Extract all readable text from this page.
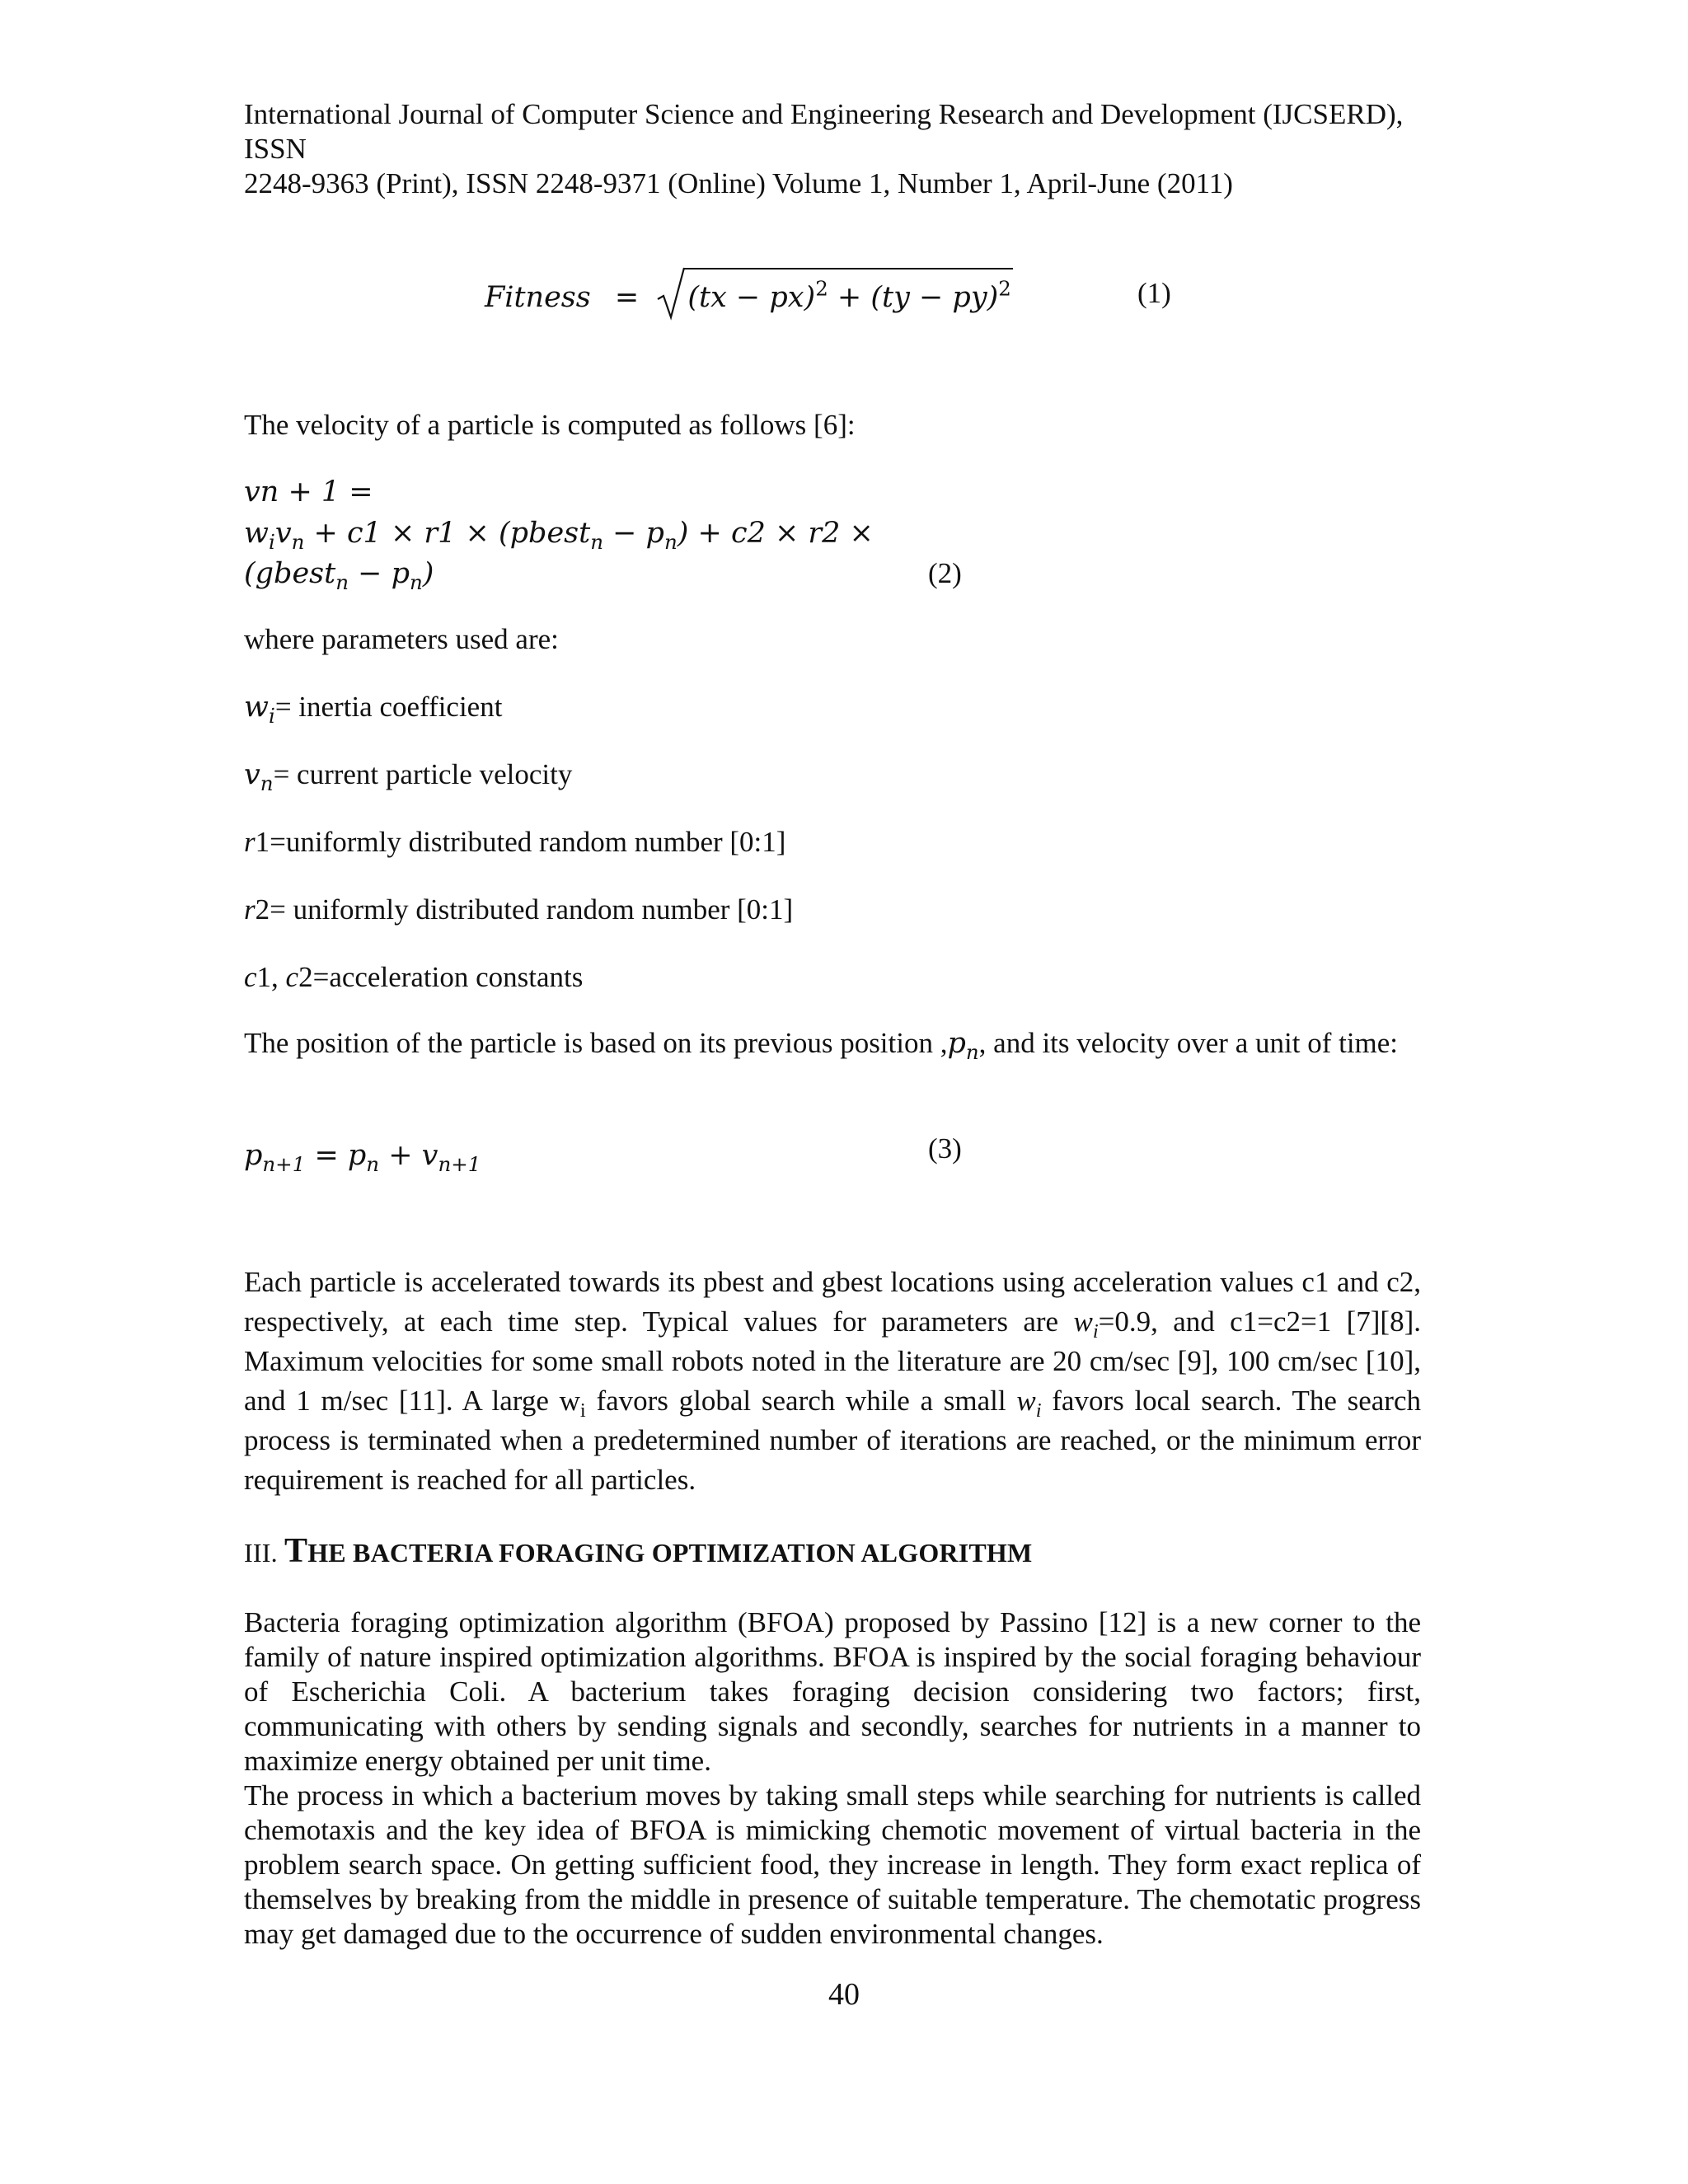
International Journal of Computer Science and Engineering Research and Development (IJCSERD), ISSN
2248-9363 (Print), ISSN 2248-9371 (Online) Volume 1, Number 1, April-June (2011)
Fitness = (tx − px)$^2$ + (ty − py)$^2$	(1)
The velocity of a particle is computed as follows [6]:
vn + 1 =
$w_iv_n + c1 \times r1$ × (pbest$_n$ − $p_n) + c2 \times r2$ ×
(gbest$_n$ − $p_n$)	(2)
where parameters used are:
$w_i=$ inertia coefficient
$v_n=$ current particle velocity
r1=uniformly distributed random number [0:1]
r2= uniformly distributed random number [0:1]
c1, c2=acceleration constants
The position of the particle is based on its previous position $,p_n$, and its velocity over a unit of time:
$p_{n+1} = p_n + v_{n+1}$	(3)
Each particle is accelerated towards its pbest and gbest locations using acceleration values c1 and c2, respectively, at each time step. Typical values for parameters are $w_i=0.9$, and c1=c2=1 [7][8]. Maximum velocities for some small robots noted in the literature are 20 cm/sec [9], 100 cm/sec [10], and 1 m/sec [11]. A large $w_i$ favors global search while a small $w_i$ favors local search. The search process is terminated when a predetermined number of iterations are reached, or the minimum error requirement is reached for all particles.
III. THE BACTERIA FORAGING OPTIMIZATION ALGORITHM
Bacteria foraging optimization algorithm (BFOA) proposed by Passino [12] is a new corner to the family of nature inspired optimization algorithms. BFOA is inspired by the social foraging behaviour of Escherichia Coli. A bacterium takes foraging decision considering two factors; first, communicating with others by sending signals and secondly, searches for nutrients in a manner to maximize energy obtained per unit time.
The process in which a bacterium moves by taking small steps while searching for nutrients is called chemotaxis and the key idea of BFOA is mimicking chemotic movement of virtual bacteria in the problem search space. On getting sufficient food, they increase in length. They form exact replica of themselves by breaking from the middle in presence of suitable temperature. The chemotatic progress may get damaged due to the occurrence of sudden environmental changes.
40
